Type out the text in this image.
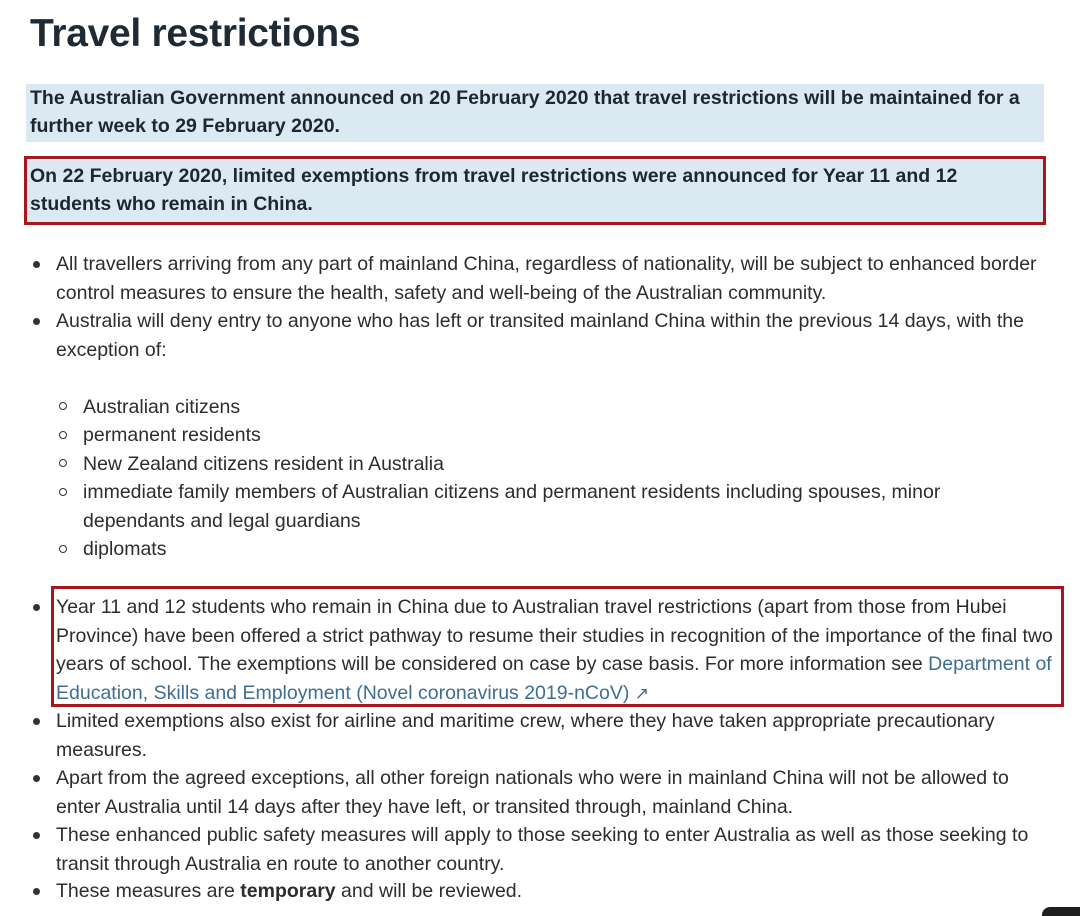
Travel restrictions
The Australian Government announced on 20 February 2020 that travel restrictions will be maintained for a further week to 29 February 2020.
On 22 February 2020, limited exemptions from travel restrictions were announced for Year 11 and 12 students who remain in China.
All travellers arriving from any part of mainland China, regardless of nationality, will be subject to enhanced border control measures to ensure the health, safety and well-being of the Australian community.
Australia will deny entry to anyone who has left or transited mainland China within the previous 14 days, with the exception of:
Australian citizens
permanent residents
New Zealand citizens resident in Australia
immediate family members of Australian citizens and permanent residents including spouses, minor dependants and legal guardians
diplomats
Year 11 and 12 students who remain in China due to Australian travel restrictions (apart from those from Hubei Province) have been offered a strict pathway to resume their studies in recognition of the importance of the final two years of school. The exemptions will be considered on case by case basis. For more information see Department of Education, Skills and Employment (Novel coronavirus 2019-nCoV) ↗
Limited exemptions also exist for airline and maritime crew, where they have taken appropriate precautionary measures.
Apart from the agreed exceptions, all other foreign nationals who were in mainland China will not be allowed to enter Australia until 14 days after they have left, or transited through, mainland China.
These enhanced public safety measures will apply to those seeking to enter Australia as well as those seeking to transit through Australia en route to another country.
These measures are temporary and will be reviewed.
